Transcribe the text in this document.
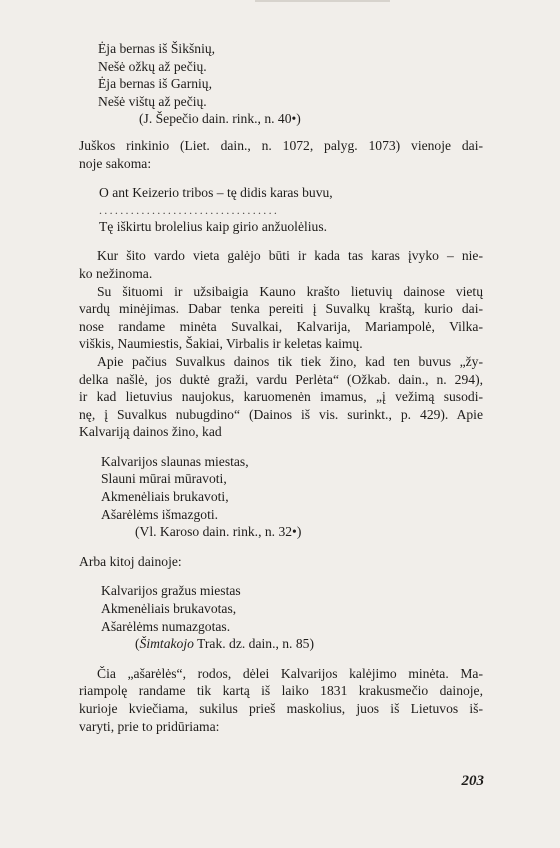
Ėja bernas iš Šikšnių,
Nešė ožkų až pečių.
Ėja bernas iš Garnių,
Nešė vištų až pečių.
(J. Šepečio dain. rink., n. 40•)
Juškos rinkinio (Liet. dain., n. 1072, palyg. 1073) vienoje dai-
noje sakoma:
O ant Keizerio tribos – tę didis karas buvu,
..................................
Tę iškirtu brolelius kaip girio anžuolėlius.
Kur šito vardo vieta galėjo būti ir kada tas karas įvyko – nie-
ko nežinoma.
Su šituomi ir užsibaigia Kauno krašto lietuvių dainose vietų
vardų minėjimas. Dabar tenka pereiti į Suvalkų kraštą, kurio dai-
nose randame minėta Suvalkai, Kalvarija, Mariampolė, Vilka-
viškis, Naumiestis, Šakiai, Virbalis ir keletas kaimų.
Apie pačius Suvalkus dainos tik tiek žino, kad ten buvus „žy-
delka našlė, jos duktė graži, vardu Perlėta“ (Ožkab. dain., n. 294),
ir kad lietuvius naujokus, karuomenėn imamus, „į vežimą susodi-
nę, į Suvalkus nubugdino“ (Dainos iš vis. surinkt., p. 429). Apie
Kalvariją dainos žino, kad
Kalvarijos slaunas miestas,
Slauni mūrai mūravoti,
Akmenėliais brukavoti,
Ašarėlėms išmazgoti.
(Vl. Karoso dain. rink., n. 32•)
Arba kitoj dainoje:
Kalvarijos gražus miestas
Akmenėliais brukavotas,
Ašarėlėms numazgotas.
(Šimtakojo Trak. dz. dain., n. 85)
Čia „ašarėlės“, rodos, dėlei Kalvarijos kalėjimo minėta. Ma-
riampolę randame tik kartą iš laiko 1831 krakusmečio dainoje,
kurioje kviečiama, sukilus prieš maskolius, juos iš Lietuvos iš-
varyti, prie to pridūriama:
203
